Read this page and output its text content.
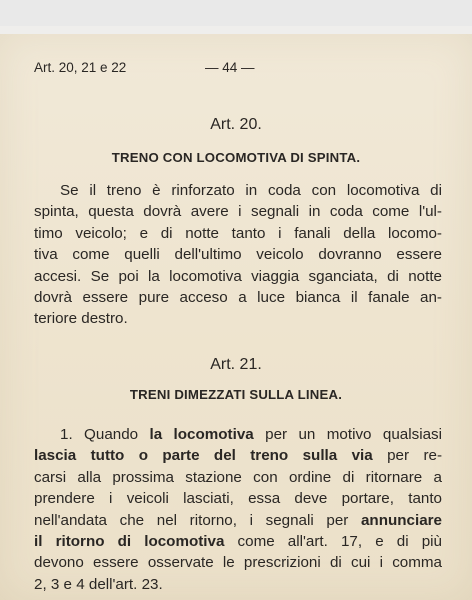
Art. 20, 21 e 22	— 44 —
Art. 20.
TRENO CON LOCOMOTIVA DI SPINTA.
Se il treno è rinforzato in coda con locomotiva di
spinta, questa dovrà avere i segnali in coda come l'ul-
timo veicolo; e di notte tanto i fanali della locomo-
tiva come quelli dell'ultimo veicolo dovranno essere
accesi. Se poi la locomotiva viaggia sganciata, di notte
dovrà essere pure acceso a luce bianca il fanale an-
teriore destro.
Art. 21.
TRENI DIMEZZATI SULLA LINEA.
1. Quando la locomotiva per un motivo qualsiasi
lascia tutto o parte del treno sulla via per re-
carsi alla prossima stazione con ordine di ritornare a
prendere i veicoli lasciati, essa deve portare, tanto
nell'andata che nel ritorno, i segnali per annunciare
il ritorno di locomotiva come all'art. 17, e di più
devono essere osservate le prescrizioni di cui i comma
2, 3 e 4 dell'art. 23.
